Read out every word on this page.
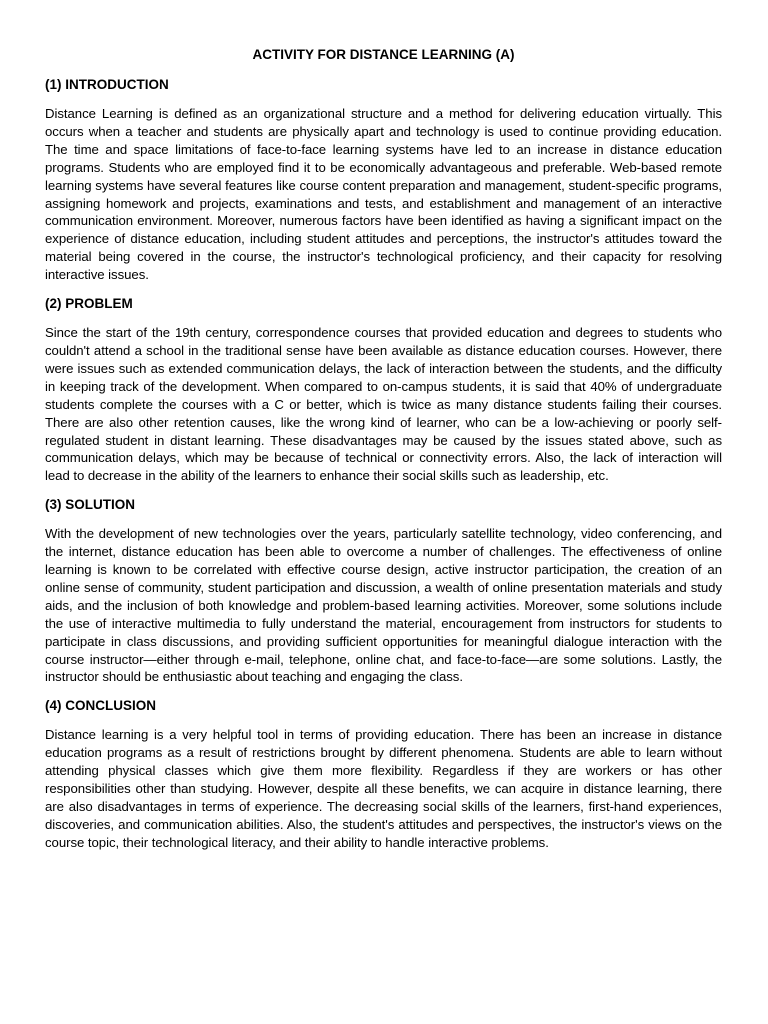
ACTIVITY FOR DISTANCE LEARNING (A)
(1) INTRODUCTION
Distance Learning is defined as an organizational structure and a method for delivering education virtually. This occurs when a teacher and students are physically apart and technology is used to continue providing education. The time and space limitations of face-to-face learning systems have led to an increase in distance education programs. Students who are employed find it to be economically advantageous and preferable. Web-based remote learning systems have several features like course content preparation and management, student-specific programs, assigning homework and projects, examinations and tests, and establishment and management of an interactive communication environment. Moreover, numerous factors have been identified as having a significant impact on the experience of distance education, including student attitudes and perceptions, the instructor's attitudes toward the material being covered in the course, the instructor's technological proficiency, and their capacity for resolving interactive issues.
(2) PROBLEM
Since the start of the 19th century, correspondence courses that provided education and degrees to students who couldn't attend a school in the traditional sense have been available as distance education courses. However, there were issues such as extended communication delays, the lack of interaction between the students, and the difficulty in keeping track of the development. When compared to on-campus students, it is said that 40% of undergraduate students complete the courses with a C or better, which is twice as many distance students failing their courses. There are also other retention causes, like the wrong kind of learner, who can be a low-achieving or poorly self-regulated student in distant learning. These disadvantages may be caused by the issues stated above, such as communication delays, which may be because of technical or connectivity errors. Also, the lack of interaction will lead to decrease in the ability of the learners to enhance their social skills such as leadership, etc.
(3) SOLUTION
With the development of new technologies over the years, particularly satellite technology, video conferencing, and the internet, distance education has been able to overcome a number of challenges. The effectiveness of online learning is known to be correlated with effective course design, active instructor participation, the creation of an online sense of community, student participation and discussion, a wealth of online presentation materials and study aids, and the inclusion of both knowledge and problem-based learning activities. Moreover, some solutions include the use of interactive multimedia to fully understand the material, encouragement from instructors for students to participate in class discussions, and providing sufficient opportunities for meaningful dialogue interaction with the course instructor—either through e-mail, telephone, online chat, and face-to-face—are some solutions. Lastly, the instructor should be enthusiastic about teaching and engaging the class.
(4) CONCLUSION
Distance learning is a very helpful tool in terms of providing education. There has been an increase in distance education programs as a result of restrictions brought by different phenomena. Students are able to learn without attending physical classes which give them more flexibility. Regardless if they are workers or has other responsibilities other than studying. However, despite all these benefits, we can acquire in distance learning, there are also disadvantages in terms of experience. The decreasing social skills of the learners, first-hand experiences, discoveries, and communication abilities. Also, the student's attitudes and perspectives, the instructor's views on the course topic, their technological literacy, and their ability to handle interactive problems.
